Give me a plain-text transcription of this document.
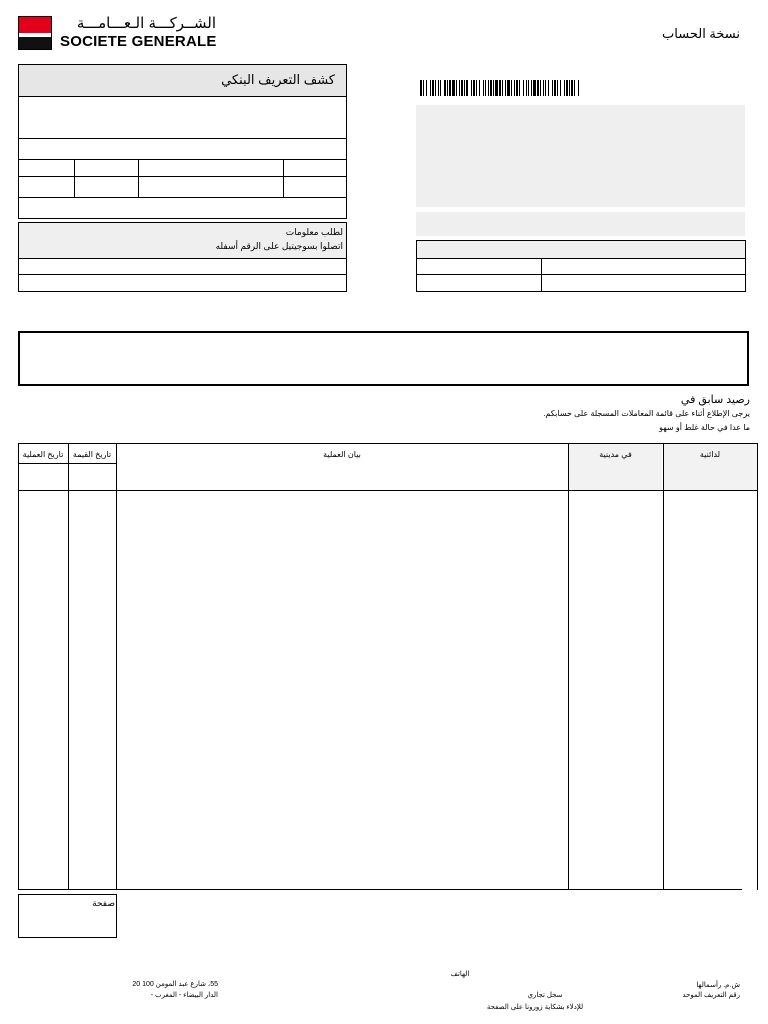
الشــركـــة الـعـــامـــة
SOCIETE GENERALE	نسخة الحساب
كشف التعريف البنكي
لطلب معلومات
اتصلوا بسوجيتيل على الرقم أسفله
رصيد سابق في
يرجى الإطلاع أثناء على قائمة المعاملات المسجلة على حسابكم.
ما عدا في حالة غلط أو سهو
تاريخ العملية	تاريخ القيمة	بيان العملية	في مدينية	لدائنية
صفحة
55، شارع عبد المومن 100 20
الدار البيضاء - المغرب -
الهاتف
سجل تجاري
للإدلاء بشكاية زورونا على الصفحة
ش.م. رأسمالها
رقم التعريف الموحد
